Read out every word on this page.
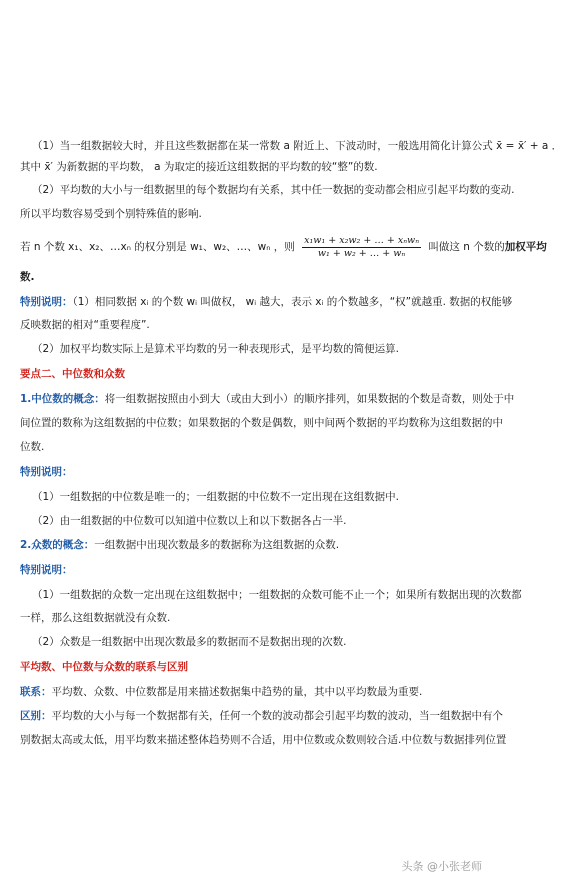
（1）当一组数据较大时，并且这些数据都在某一常数 a 附近上、下波动时，一般选用简化计算公式 x̄ = x̄′ + a ．
其中 x̄′ 为新数据的平均数， a 为取定的接近这组数据的平均数的较“整”的数.
（2）平均数的大小与一组数据里的每个数据均有关系，其中任一数据的变动都会相应引起平均数的变动.
所以平均数容易受到个别特殊值的影响.
若 n 个数 x₁、x₂、…xₙ 的权分别是 w₁、w₂、…、wₙ ，则 $\frac{\text{x₁w₁ + x₂w₂ + … + xₙwₙ}}{\text{w₁ + w₂ + … + wₙ}}$ 叫做这 n 个数的加权平均
数.
特别说明：（1）相同数据 xᵢ 的个数 wᵢ 叫做权， wᵢ 越大，表示 xᵢ 的个数越多，“权”就越重. 数据的权能够
反映数据的相对“重要程度”.
（2）加权平均数实际上是算术平均数的另一种表现形式，是平均数的简便运算.
要点二、中位数和众数
1.中位数的概念：将一组数据按照由小到大（或由大到小）的顺序排列，如果数据的个数是奇数，则处于中
间位置的数称为这组数据的中位数；如果数据的个数是偶数，则中间两个数据的平均数称为这组数据的中
位数.
特别说明：
（1）一组数据的中位数是唯一的；一组数据的中位数不一定出现在这组数据中.
（2）由一组数据的中位数可以知道中位数以上和以下数据各占一半.
2.众数的概念：一组数据中出现次数最多的数据称为这组数据的众数.
特别说明：
（1）一组数据的众数一定出现在这组数据中；一组数据的众数可能不止一个；如果所有数据出现的次数都
一样，那么这组数据就没有众数.
（2）众数是一组数据中出现次数最多的数据而不是数据出现的次数.
平均数、中位数与众数的联系与区别
联系：平均数、众数、中位数都是用来描述数据集中趋势的量，其中以平均数最为重要.
区别：平均数的大小与每一个数据都有关，任何一个数的波动都会引起平均数的波动，当一组数据中有个
别数据太高或太低，用平均数来描述整体趋势则不合适，用中位数或众数则较合适.中位数与数据排列位置
头条 @小张老师
